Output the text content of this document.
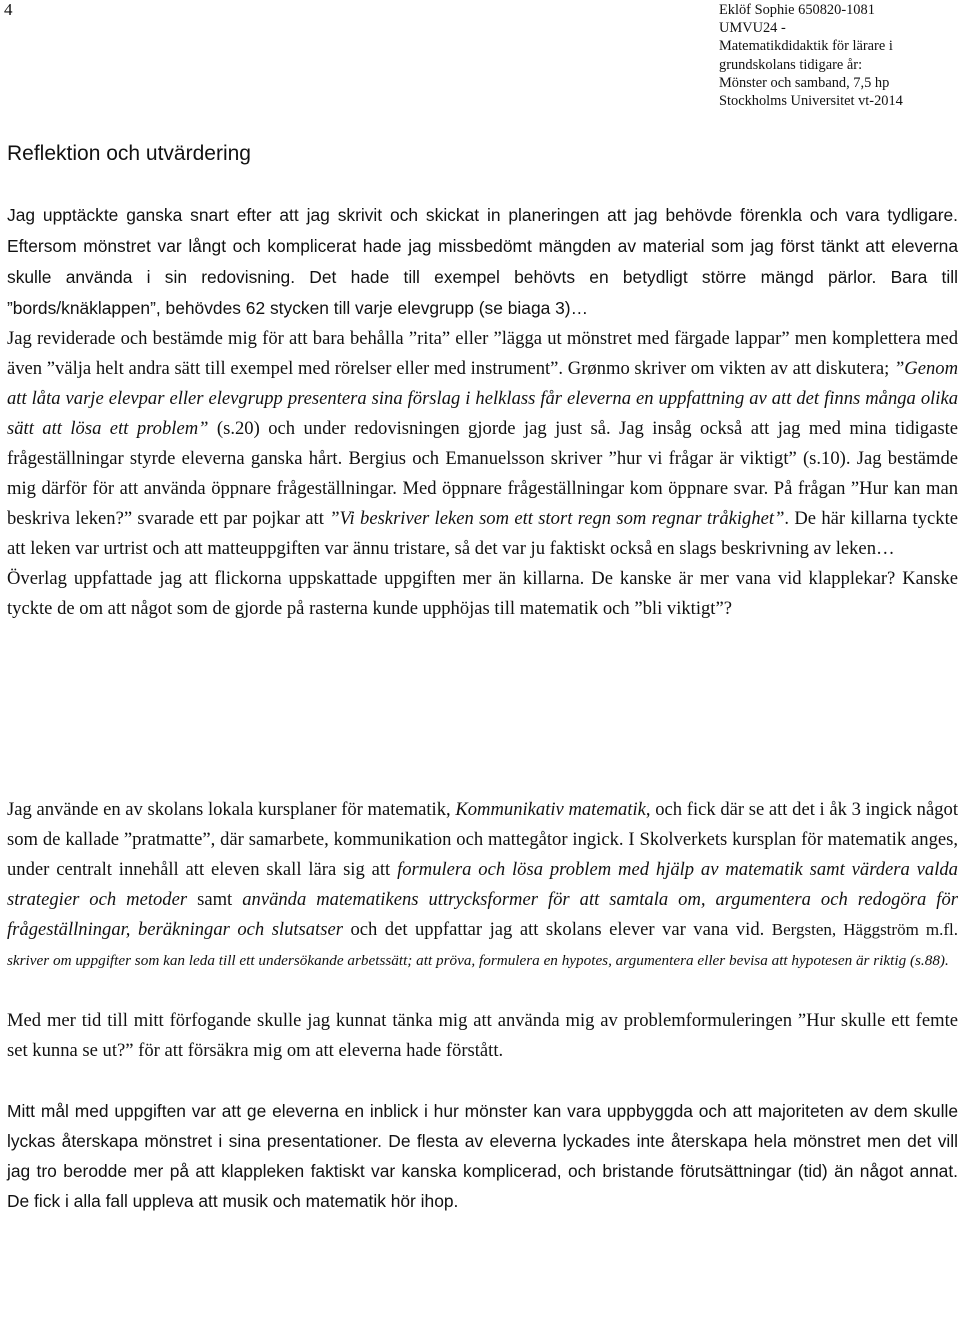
4	Eklöf Sophie 650820-1081
UMVU24 -
Matematikdidaktik för lärare i
grundskolans tidigare år:
Mönster och samband, 7,5 hp
Stockholms Universitet vt-2014
Reflektion och utvärdering

Jag upptäckte ganska snart efter att jag skrivit och skickat in planeringen att jag behövde förenkla och vara tydligare. Eftersom mönstret var långt och komplicerat hade jag missbedömt mängden av material som jag först tänkt att eleverna skulle använda i sin redovisning. Det hade till exempel behövts en betydligt större mängd pärlor. Bara till ”bords/knäklappen”, behövdes 62 stycken till varje elevgrupp (se biaga 3)…

Jag reviderade och bestämde mig för att bara behålla ”rita” eller ”lägga ut mönstret med färgade lappar” men komplettera med även ”välja helt andra sätt till exempel med rörelser eller med instrument”. Grønmo skriver om vikten av att diskutera; ”Genom att låta varje elevpar eller elevgrupp presentera sina förslag i helklass får eleverna en uppfattning av att det finns många olika sätt att lösa ett problem” (s.20) och under redovisningen gjorde jag just så. Jag insåg också att jag med mina tidigaste frågeställningar styrde eleverna ganska hårt. Bergius och Emanuelsson skriver ”hur vi frågar är viktigt” (s.10). Jag bestämde mig därför för att använda öppnare frågeställningar. Med öppnare frågeställningar kom öppnare svar. På frågan ”Hur kan man beskriva leken?” svarade ett par pojkar att ”Vi beskriver leken som ett stort regn som regnar tråkighet”. De här killarna tyckte att leken var urtrist och att matteuppgiften var ännu tristare, så det var ju faktiskt också en slags beskrivning av leken…

Överlag uppfattade jag att flickorna uppskattade uppgiften mer än killarna. De kanske är mer vana vid klapplekar? Kanske tyckte de om att något som de gjorde på rasterna kunde upphöjas till matematik och ”bli viktigt”?

Jag använde en av skolans lokala kursplaner för matematik, Kommunikativ matematik, och fick där se att det i åk 3 ingick något som de kallade ”pratmatte”, där samarbete, kommunikation och mattegåtor ingick. I Skolverkets kursplan för matematik anges, under centralt innehåll att eleven skall lära sig att formulera och lösa problem med hjälp av matematik samt värdera valda strategier och metoder samt använda matematikens uttrycksformer för att samtala om, argumentera och redogöra för frågeställningar, beräkningar och slutsatser och det uppfattar jag att skolans elever var vana vid. Bergsten, Häggström m.fl. skriver om uppgifter som kan leda till ett undersökande arbetssätt; att pröva, formulera en hypotes, argumentera eller bevisa att hypotesen är riktig (s.88).

Med mer tid till mitt förfogande skulle jag kunnat tänka mig att använda mig av problemformuleringen ”Hur skulle ett femte set kunna se ut?” för att försäkra mig om att eleverna hade förstått.

Mitt mål med uppgiften var att ge eleverna en inblick i hur mönster kan vara uppbyggda och att majoriteten av dem skulle lyckas återskapa mönstret i sina presentationer. De flesta av eleverna lyckades inte återskapa hela mönstret men det vill jag tro berodde mer på att klappleken faktiskt var kanska komplicerad, och bristande förutsättningar (tid) än något annat. De fick i alla fall uppleva att musik och matematik hör ihop.
